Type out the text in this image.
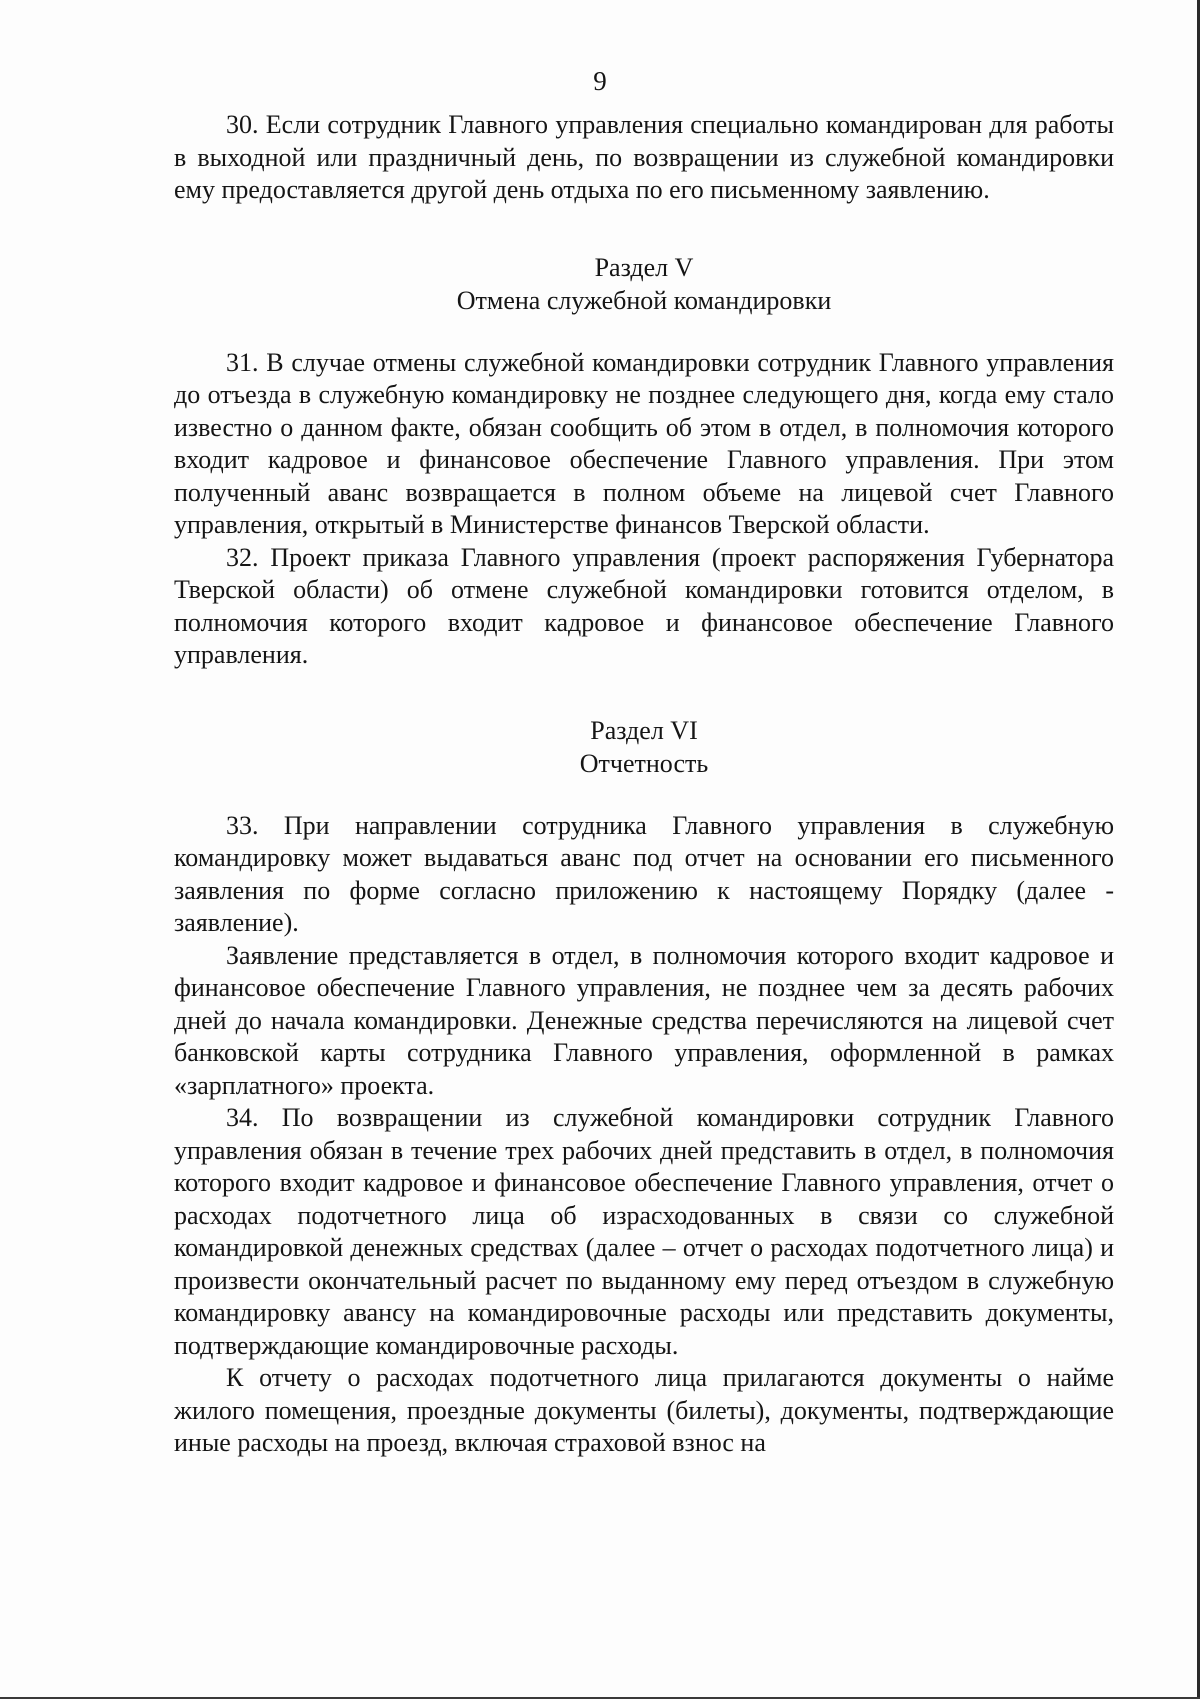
9

30. Если сотрудник Главного управления специально командирован для работы в выходной или праздничный день, по возвращении из служебной командировки ему предоставляется другой день отдыха по его письменному заявлению.

Раздел V
Отмена служебной командировки

31. В случае отмены служебной командировки сотрудник Главного управления до отъезда в служебную командировку не позднее следующего дня, когда ему стало известно о данном факте, обязан сообщить об этом в отдел, в полномочия которого входит кадровое и финансовое обеспечение Главного управления. При этом полученный аванс возвращается в полном объеме на лицевой счет Главного управления, открытый в Министерстве финансов Тверской области.

32. Проект приказа Главного управления (проект распоряжения Губернатора Тверской области) об отмене служебной командировки готовится отделом, в полномочия которого входит кадровое и финансовое обеспечение Главного управления.

Раздел VI
Отчетность

33. При направлении сотрудника Главного управления в служебную командировку может выдаваться аванс под отчет на основании его письменного заявления по форме согласно приложению к настоящему Порядку (далее - заявление).

Заявление представляется в отдел, в полномочия которого входит кадровое и финансовое обеспечение Главного управления, не позднее чем за десять рабочих дней до начала командировки. Денежные средства перечисляются на лицевой счет банковской карты сотрудника Главного управления, оформленной в рамках «зарплатного» проекта.

34. По возвращении из служебной командировки сотрудник Главного управления обязан в течение трех рабочих дней представить в отдел, в полномочия которого входит кадровое и финансовое обеспечение Главного управления, отчет о расходах подотчетного лица об израсходованных в связи со служебной командировкой денежных средствах (далее – отчет о расходах подотчетного лица) и произвести окончательный расчет по выданному ему перед отъездом в служебную командировку авансу на командировочные расходы или представить документы, подтверждающие командировочные расходы.

К отчету о расходах подотчетного лица прилагаются документы о найме жилого помещения, проездные документы (билеты), документы, подтверждающие иные расходы на проезд, включая страховой взнос на
